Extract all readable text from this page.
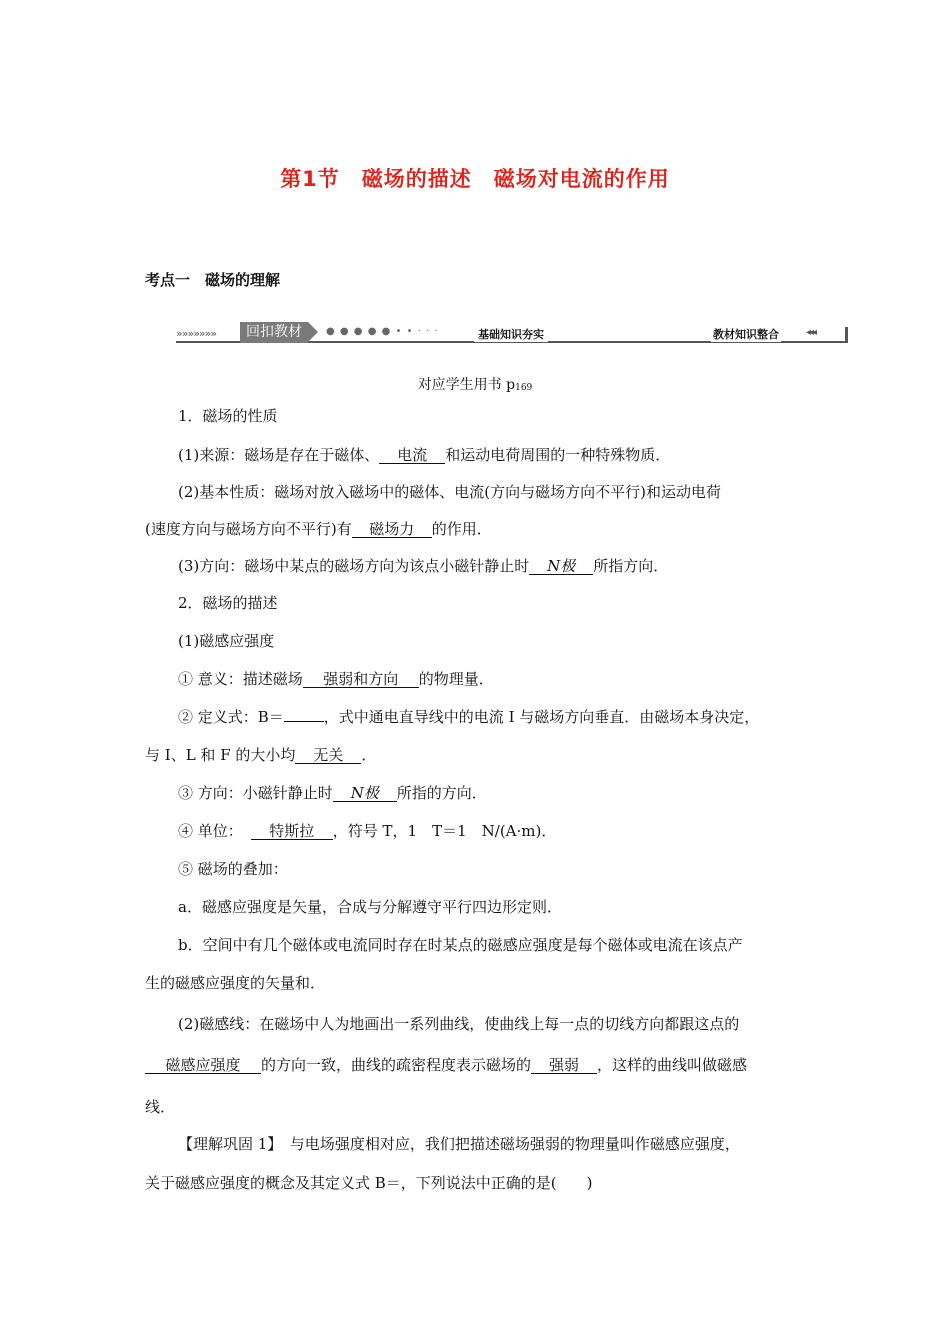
第1节　磁场的描述　磁场对电流的作用
考点一　磁场的理解
»»»»»»»	回扣教材	● ● ● ● ● • • · · ·	基础知识夯实	教材知识整合	◂◂◂
对应学生用书 $p_{169}$
1．磁场的性质
(1)来源：磁场是存在于磁体、 电流 和运动电荷周围的一种特殊物质．
(2)基本性质：磁场对放入磁场中的磁体、电流(方向与磁场方向不平行)和运动电荷
(速度方向与磁场方向不平行)有 磁场力 的作用．
(3)方向：磁场中某点的磁场方向为该点小磁针静止时 N极 所指方向．
2．磁场的描述
(1)磁感应强度
① 意义：描述磁场 强弱和方向 的物理量．
② 定义式：B＝	，式中通电直导线中的电流 I 与磁场方向垂直．由磁场本身决定，
与 I、L 和 F 的大小均 无关 ．
③ 方向：小磁针静止时 N极 所指的方向．
④ 单位： 特斯拉 ，符号 T，1　T＝1　N/(A·m)．
⑤ 磁场的叠加：
a．磁感应强度是矢量，合成与分解遵守平行四边形定则．
b．空间中有几个磁体或电流同时存在时某点的磁感应强度是每个磁体或电流在该点产
生的磁感应强度的矢量和．
(2)磁感线：在磁场中人为地画出一系列曲线，使曲线上每一点的切线方向都跟这点的
磁感应强度 的方向一致，曲线的疏密程度表示磁场的 强弱 ，这样的曲线叫做磁感
线．
【理解巩固 1】　与电场强度相对应，我们把描述磁场强弱的物理量叫作磁感应强度，
关于磁感应强度的概念及其定义式 B＝，下列说法中正确的是(　　)
